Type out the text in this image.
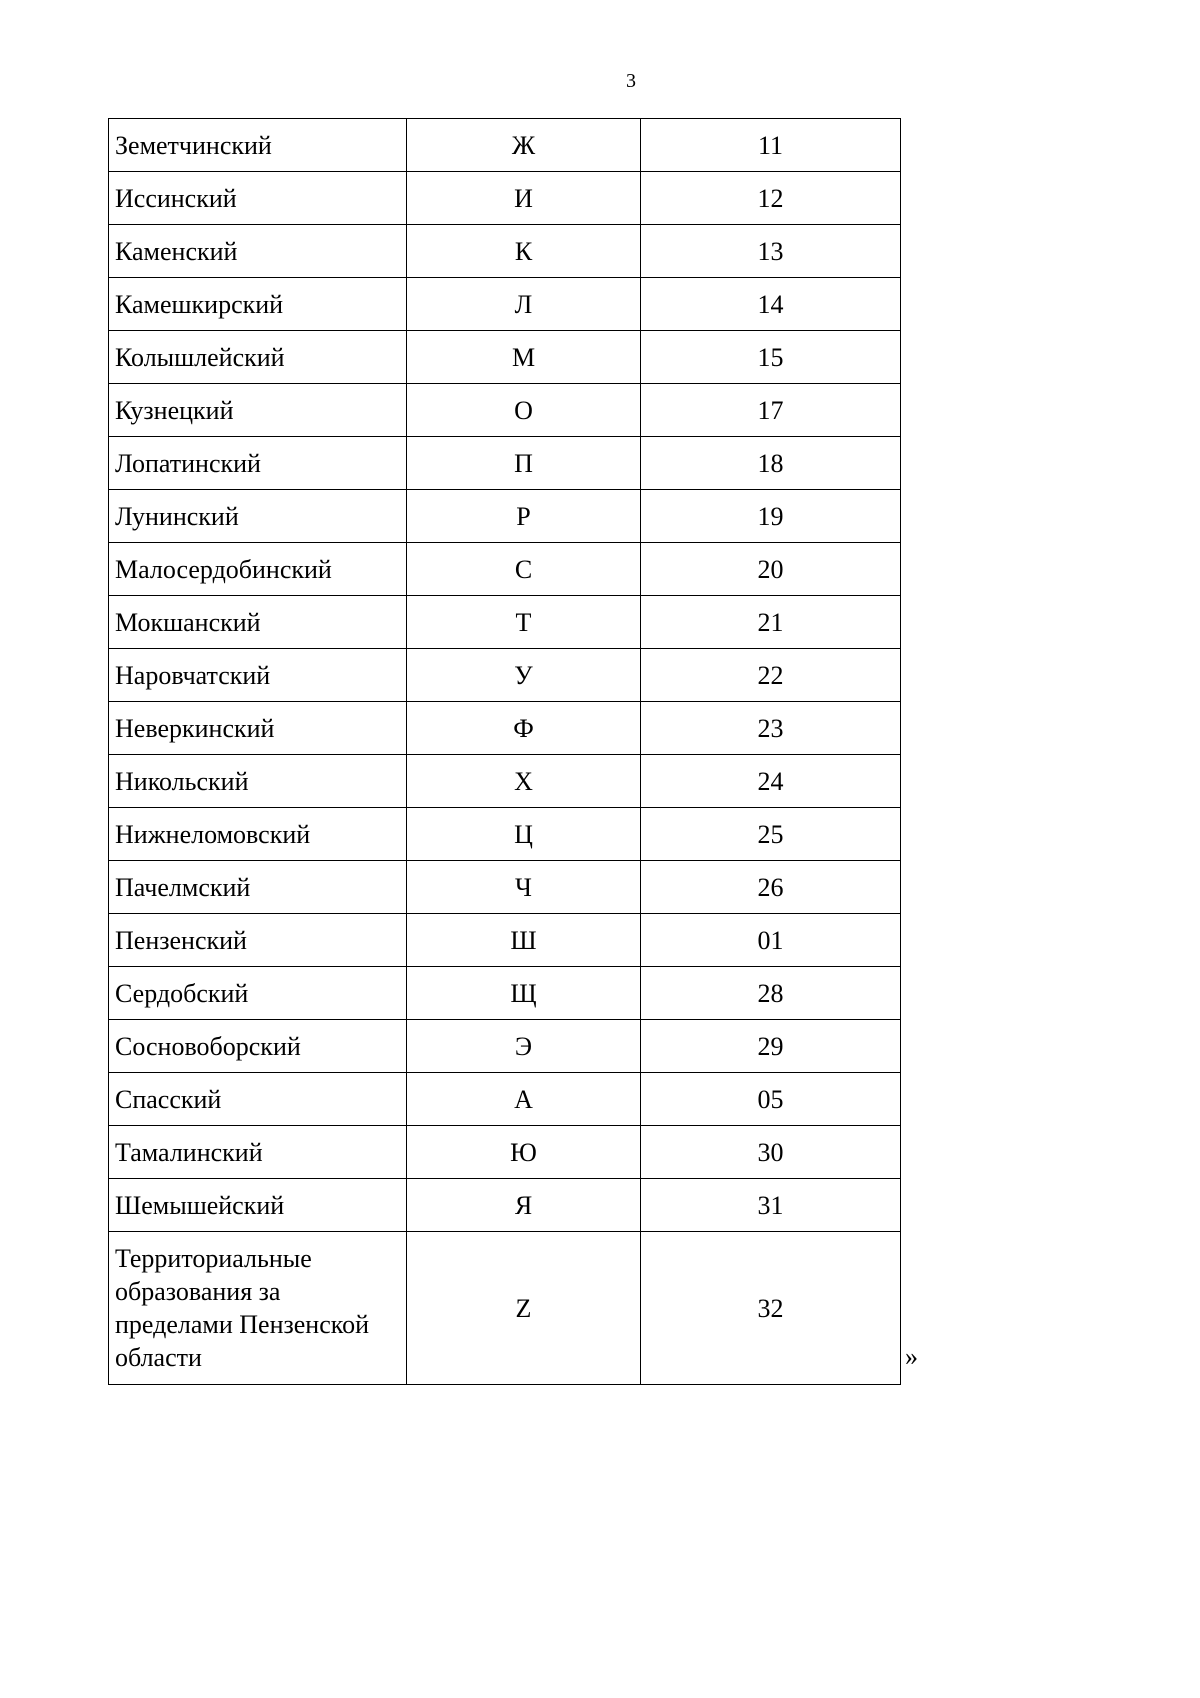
3
Земетчинский	Ж	11
Иссинский	И	12
Каменский	К	13
Камешкирский	Л	14
Колышлейский	М	15
Кузнецкий	О	17
Лопатинский	П	18
Лунинский	Р	19
Малосердобинский	С	20
Мокшанский	Т	21
Наровчатский	У	22
Неверкинский	Ф	23
Никольский	Х	24
Нижнеломовский	Ц	25
Пачелмский	Ч	26
Пензенский	Ш	01
Сердобский	Щ	28
Сосновоборский	Э	29
Спасский	А	05
Тамалинский	Ю	30
Шемышейский	Я	31
Территориальные образования за пределами Пензенской области	Z	32
»
